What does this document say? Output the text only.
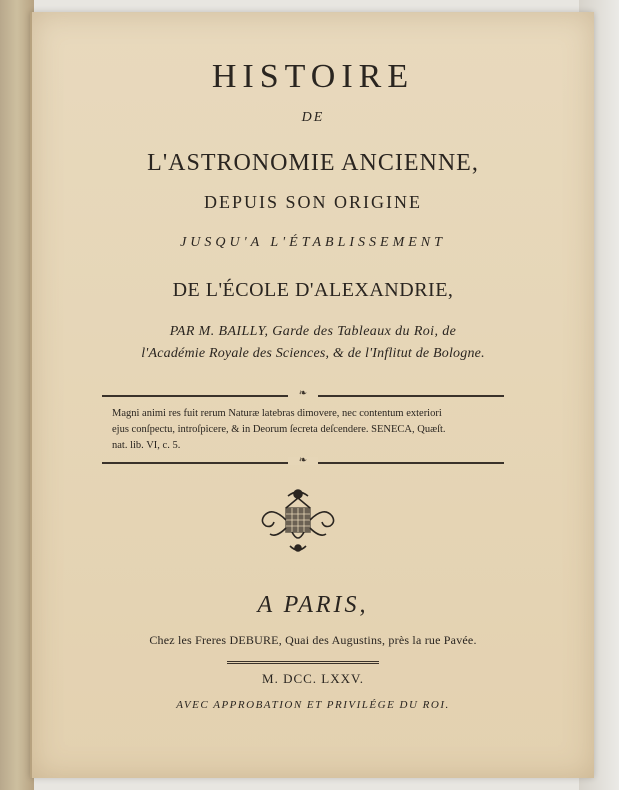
HISTOIRE
DE
L'ASTRONOMIE ANCIENNE,
DEPUIS SON ORIGINE
JUSQU'A L'ÉTABLISSEMENT
DE L'ÉCOLE D'ALEXANDRIE,
PAR M. BAILLY, Garde des Tableaux du Roi, de
l'Académie Royale des Sciences, & de l'Inflitut de Bologne.
❧
Magni animi res fuit rerum Naturæ latebras dimovere, nec contentum exteriori
ejus conſpectu, introſpicere, & in Deorum ſecreta deſcendere. SENECA, Quæſt.
nat. lib. VI, c. 5.
❧
A PARIS,
Chez les Freres DEBURE, Quai des Augustins, près la rue Pavée.
M. DCC. LXXV.
AVEC APPROBATION ET PRIVILÉGE DU ROI.
